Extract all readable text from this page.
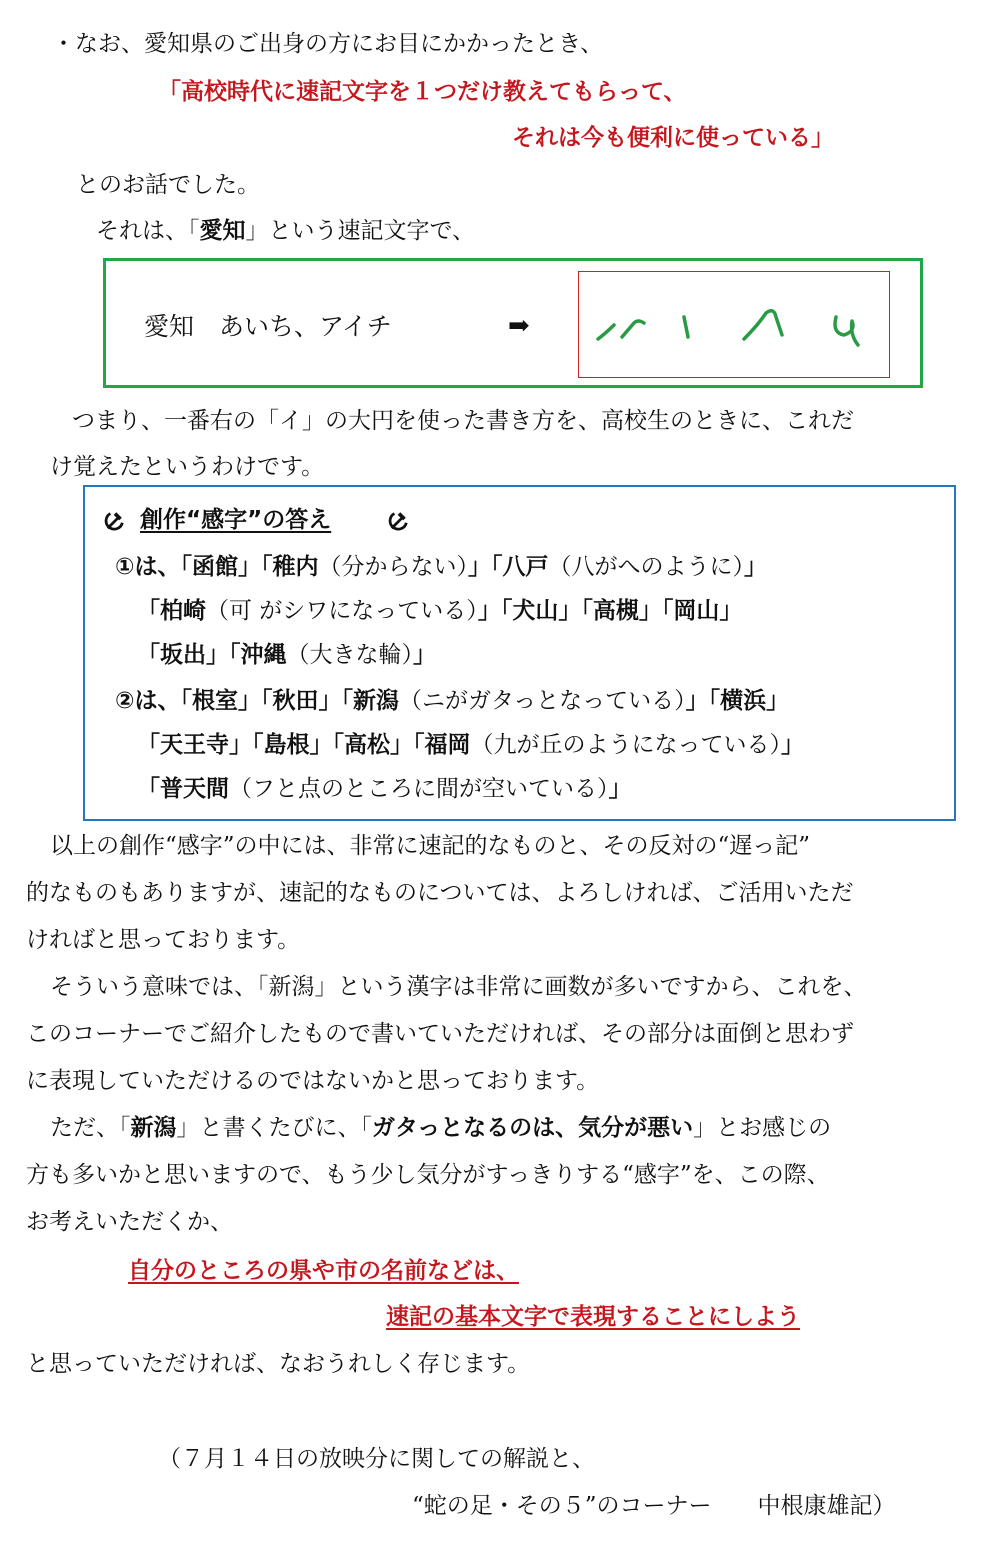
・なお、愛知県のご出身の方にお目にかかったとき、
「高校時代に速記文字を１つだけ教えてもらって、
それは今も便利に使っている」
とのお話でした。
それは、「愛知」という速記文字で、
愛知　あいち、アイチ	➡
つまり、一番右の「イ」の大円を使った書き方を、高校生のときに、これだ
け覚えたというわけです。
創作“感字”の答え
①は、「函館」「稚内（分からない）」「八戸（八がへのように）」
「柏崎（可 がシワになっている）」「犬山」「高槻」「岡山」
「坂出」「沖縄（大きな輪）」
②は、「根室」「秋田」「新潟（ニがガタっとなっている）」「横浜」
「天王寺」「島根」「高松」「福岡（九が丘のようになっている）」
「普天間（フと点のところに間が空いている）」
以上の創作“感字”の中には、非常に速記的なものと、その反対の“遅っ記”
的なものもありますが、速記的なものについては、よろしければ、ご活用いただ
ければと思っております。
そういう意味では、「新潟」という漢字は非常に画数が多いですから、これを、
このコーナーでご紹介したもので書いていただければ、その部分は面倒と思わず
に表現していただけるのではないかと思っております。
ただ、「新潟」と書くたびに、「ガタっとなるのは、気分が悪い」とお感じの
方も多いかと思いますので、もう少し気分がすっきりする“感字”を、この際、
お考えいただくか、
自分のところの県や市の名前などは、
速記の基本文字で表現することにしよう
と思っていただければ、なおうれしく存じます。
（７月１４日の放映分に関しての解説と、
“蛇の足・その５”のコーナー　　中根康雄記）
